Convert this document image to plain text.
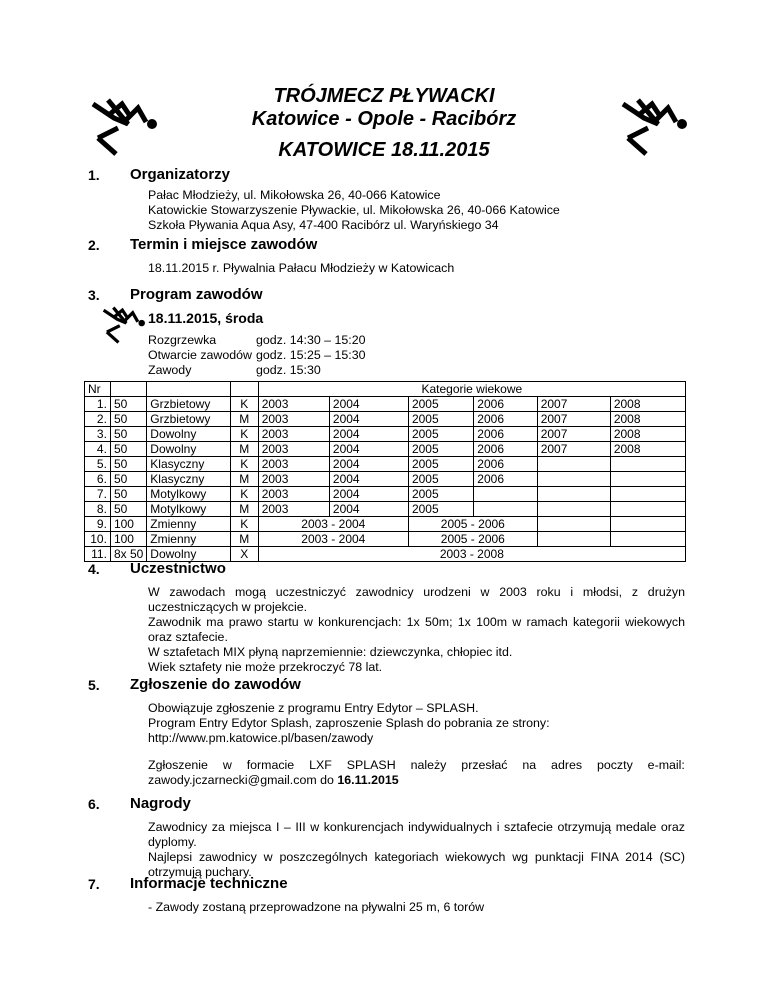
TRÓJMECZ PŁYWACKI
Katowice - Opole - Racibórz
KATOWICE 18.11.2015
1. Organizatorzy
Pałac Młodzieży, ul. Mikołowska 26, 40-066 Katowice
Katowickie Stowarzyszenie Pływackie, ul. Mikołowska 26, 40-066 Katowice
Szkoła Pływania Aqua Asy, 47-400 Racibórz ul. Waryńskiego 34
2. Termin i miejsce zawodów
18.11.2015 r. Pływalnia Pałacu Młodzieży w Katowicach
3. Program zawodów
18.11.2015, środa
Rozgrzewka	godz. 14:30 – 15:20
Otwarcie zawodów	godz. 15:25 – 15:30
Zawody	godz. 15:30
Nr				Kategorie wiekowe					
1.	50	Grzbietowy	K	2003	2004	2005	2006	2007	2008
2.	50	Grzbietowy	M	2003	2004	2005	2006	2007	2008
3.	50	Dowolny	K	2003	2004	2005	2006	2007	2008
4.	50	Dowolny	M	2003	2004	2005	2006	2007	2008
5.	50	Klasyczny	K	2003	2004	2005	2006		
6.	50	Klasyczny	M	2003	2004	2005	2006		
7.	50	Motylkowy	K	2003	2004	2005			
8.	50	Motylkowy	M	2003	2004	2005			
9.	100	Zmienny	K	2003 - 2004		2005 - 2006			
10.	100	Zmienny	M	2003 - 2004		2005 - 2006			
11.	8x 50	Dowolny	X	2003 - 2008					
4. Uczestnictwo
W zawodach mogą uczestniczyć zawodnicy urodzeni w 2003 roku i młodsi, z drużyn uczestniczących w projekcie.
Zawodnik ma prawo startu w konkurencjach: 1x 50m; 1x 100m w ramach kategorii wiekowych oraz sztafecie.
W sztafetach MIX płyną naprzemiennie: dziewczynka, chłopiec itd.
Wiek sztafety nie może przekroczyć 78 lat.
5. Zgłoszenie do zawodów
Obowiązuje zgłoszenie z programu Entry Edytor – SPLASH.
Program Entry Edytor Splash, zaproszenie Splash do pobrania ze strony:
http://www.pm.katowice.pl/basen/zawody
Zgłoszenie w formacie LXF SPLASH należy przesłać na adres poczty e-mail:
zawody.jczarnecki@gmail.com do 16.11.2015
6. Nagrody
Zawodnicy za miejsca I – III w konkurencjach indywidualnych i sztafecie otrzymują medale oraz dyplomy.
Najlepsi zawodnicy w poszczególnych kategoriach wiekowych wg punktacji FINA 2014 (SC) otrzymują puchary.
7. Informacje techniczne
- Zawody zostaną przeprowadzone na pływalni 25 m, 6 torów
